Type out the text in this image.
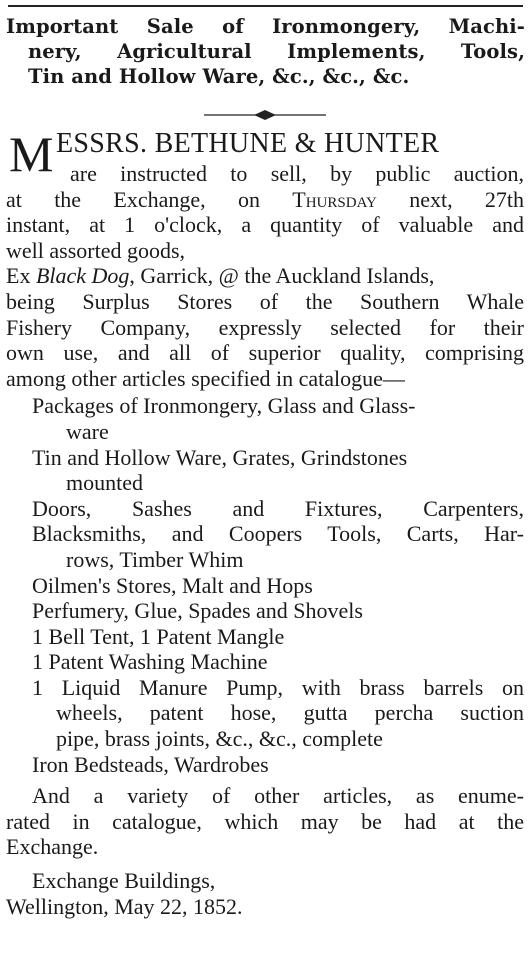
Important Sale of Ironmongery, Machi-
nery, Agricultural Implements, Tools,
Tin and Hollow Ware, &c., &c., &c.
M ESSRS. BETHUNE & HUNTER
are instructed to sell, by public auction,
at the Exchange, on Thursday next, 27th
instant, at 1 o'clock, a quantity of valuable and
well assorted goods,
Ex Black Dog, Garrick, @ the Auckland Islands,
being Surplus Stores of the Southern Whale
Fishery Company, expressly selected for their
own use, and all of superior quality, comprising
among other articles specified in catalogue—
Packages of Ironmongery, Glass and Glass-
ware
Tin and Hollow Ware, Grates, Grindstones
mounted
Doors, Sashes and Fixtures, Carpenters,
Blacksmiths, and Coopers Tools, Carts, Har-
rows, Timber Whim
Oilmen's Stores, Malt and Hops
Perfumery, Glue, Spades and Shovels
1 Bell Tent, 1 Patent Mangle
1 Patent Washing Machine
1 Liquid Manure Pump, with brass barrels on
wheels, patent hose, gutta percha suction
pipe, brass joints, &c., &c., complete
Iron Bedsteads, Wardrobes
And a variety of other articles, as enume-
rated in catalogue, which may be had at the
Exchange.
Exchange Buildings,
Wellington, May 22, 1852.
